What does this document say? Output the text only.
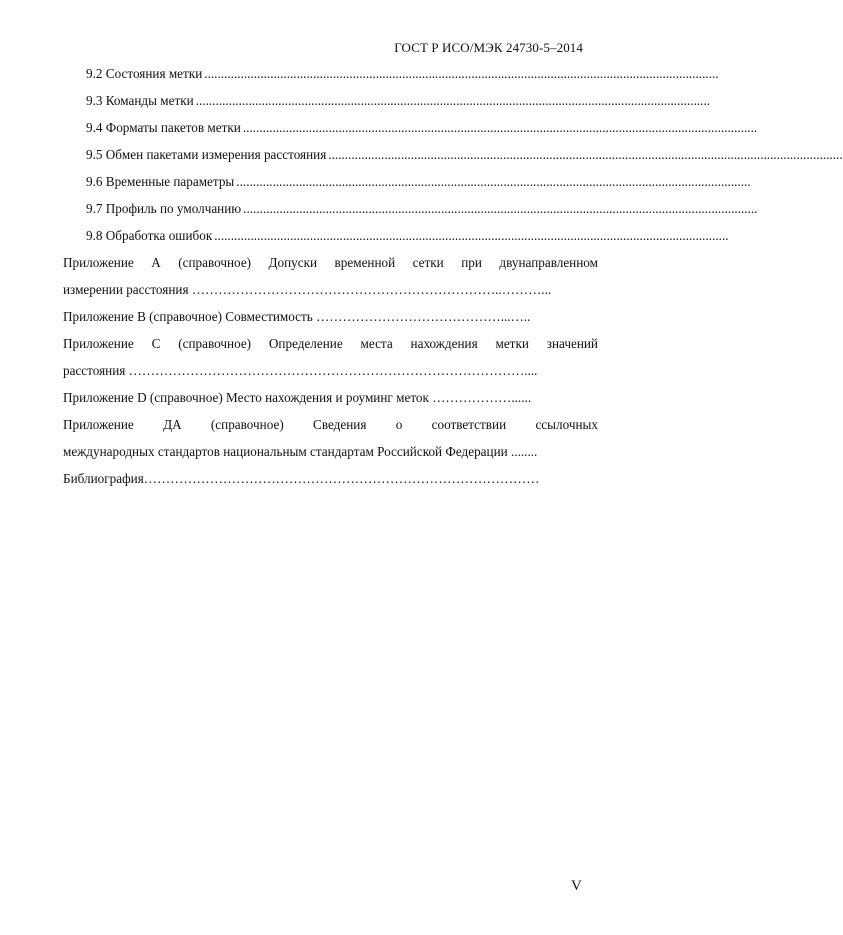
ГОСТ Р ИСО/МЭК 24730-5–2014
9.2 Состояния метки ............................................................................................................................................................
9.3 Команды метки ............................................................................................................................................................
9.4 Форматы пакетов метки ............................................................................................................................................................
9.5 Обмен пакетами измерения расстояния ............................................................................................................................................................
9.6 Временные параметры ............................................................................................................................................................
9.7 Профиль по умолчанию ............................................................................................................................................................
9.8 Обработка ошибок ............................................................................................................................................................
Приложение А (справочное) Допуски временной сетки при двунаправленном
измерении расстояния ……………………………………………………………..………...
Приложение В (справочное) Совместимость ……………………………………...…..
Приложение С (справочное) Определение места нахождения метки значений
расстояния ………………………………………………………………………………....
Приложение D (справочное) Место нахождения и роуминг меток ………………......
Приложение ДА (справочное) Сведения о соответствии ссылочных
международных стандартов национальным стандартам Российской Федерации ........
Библиография………………………………………………………………………………
V
